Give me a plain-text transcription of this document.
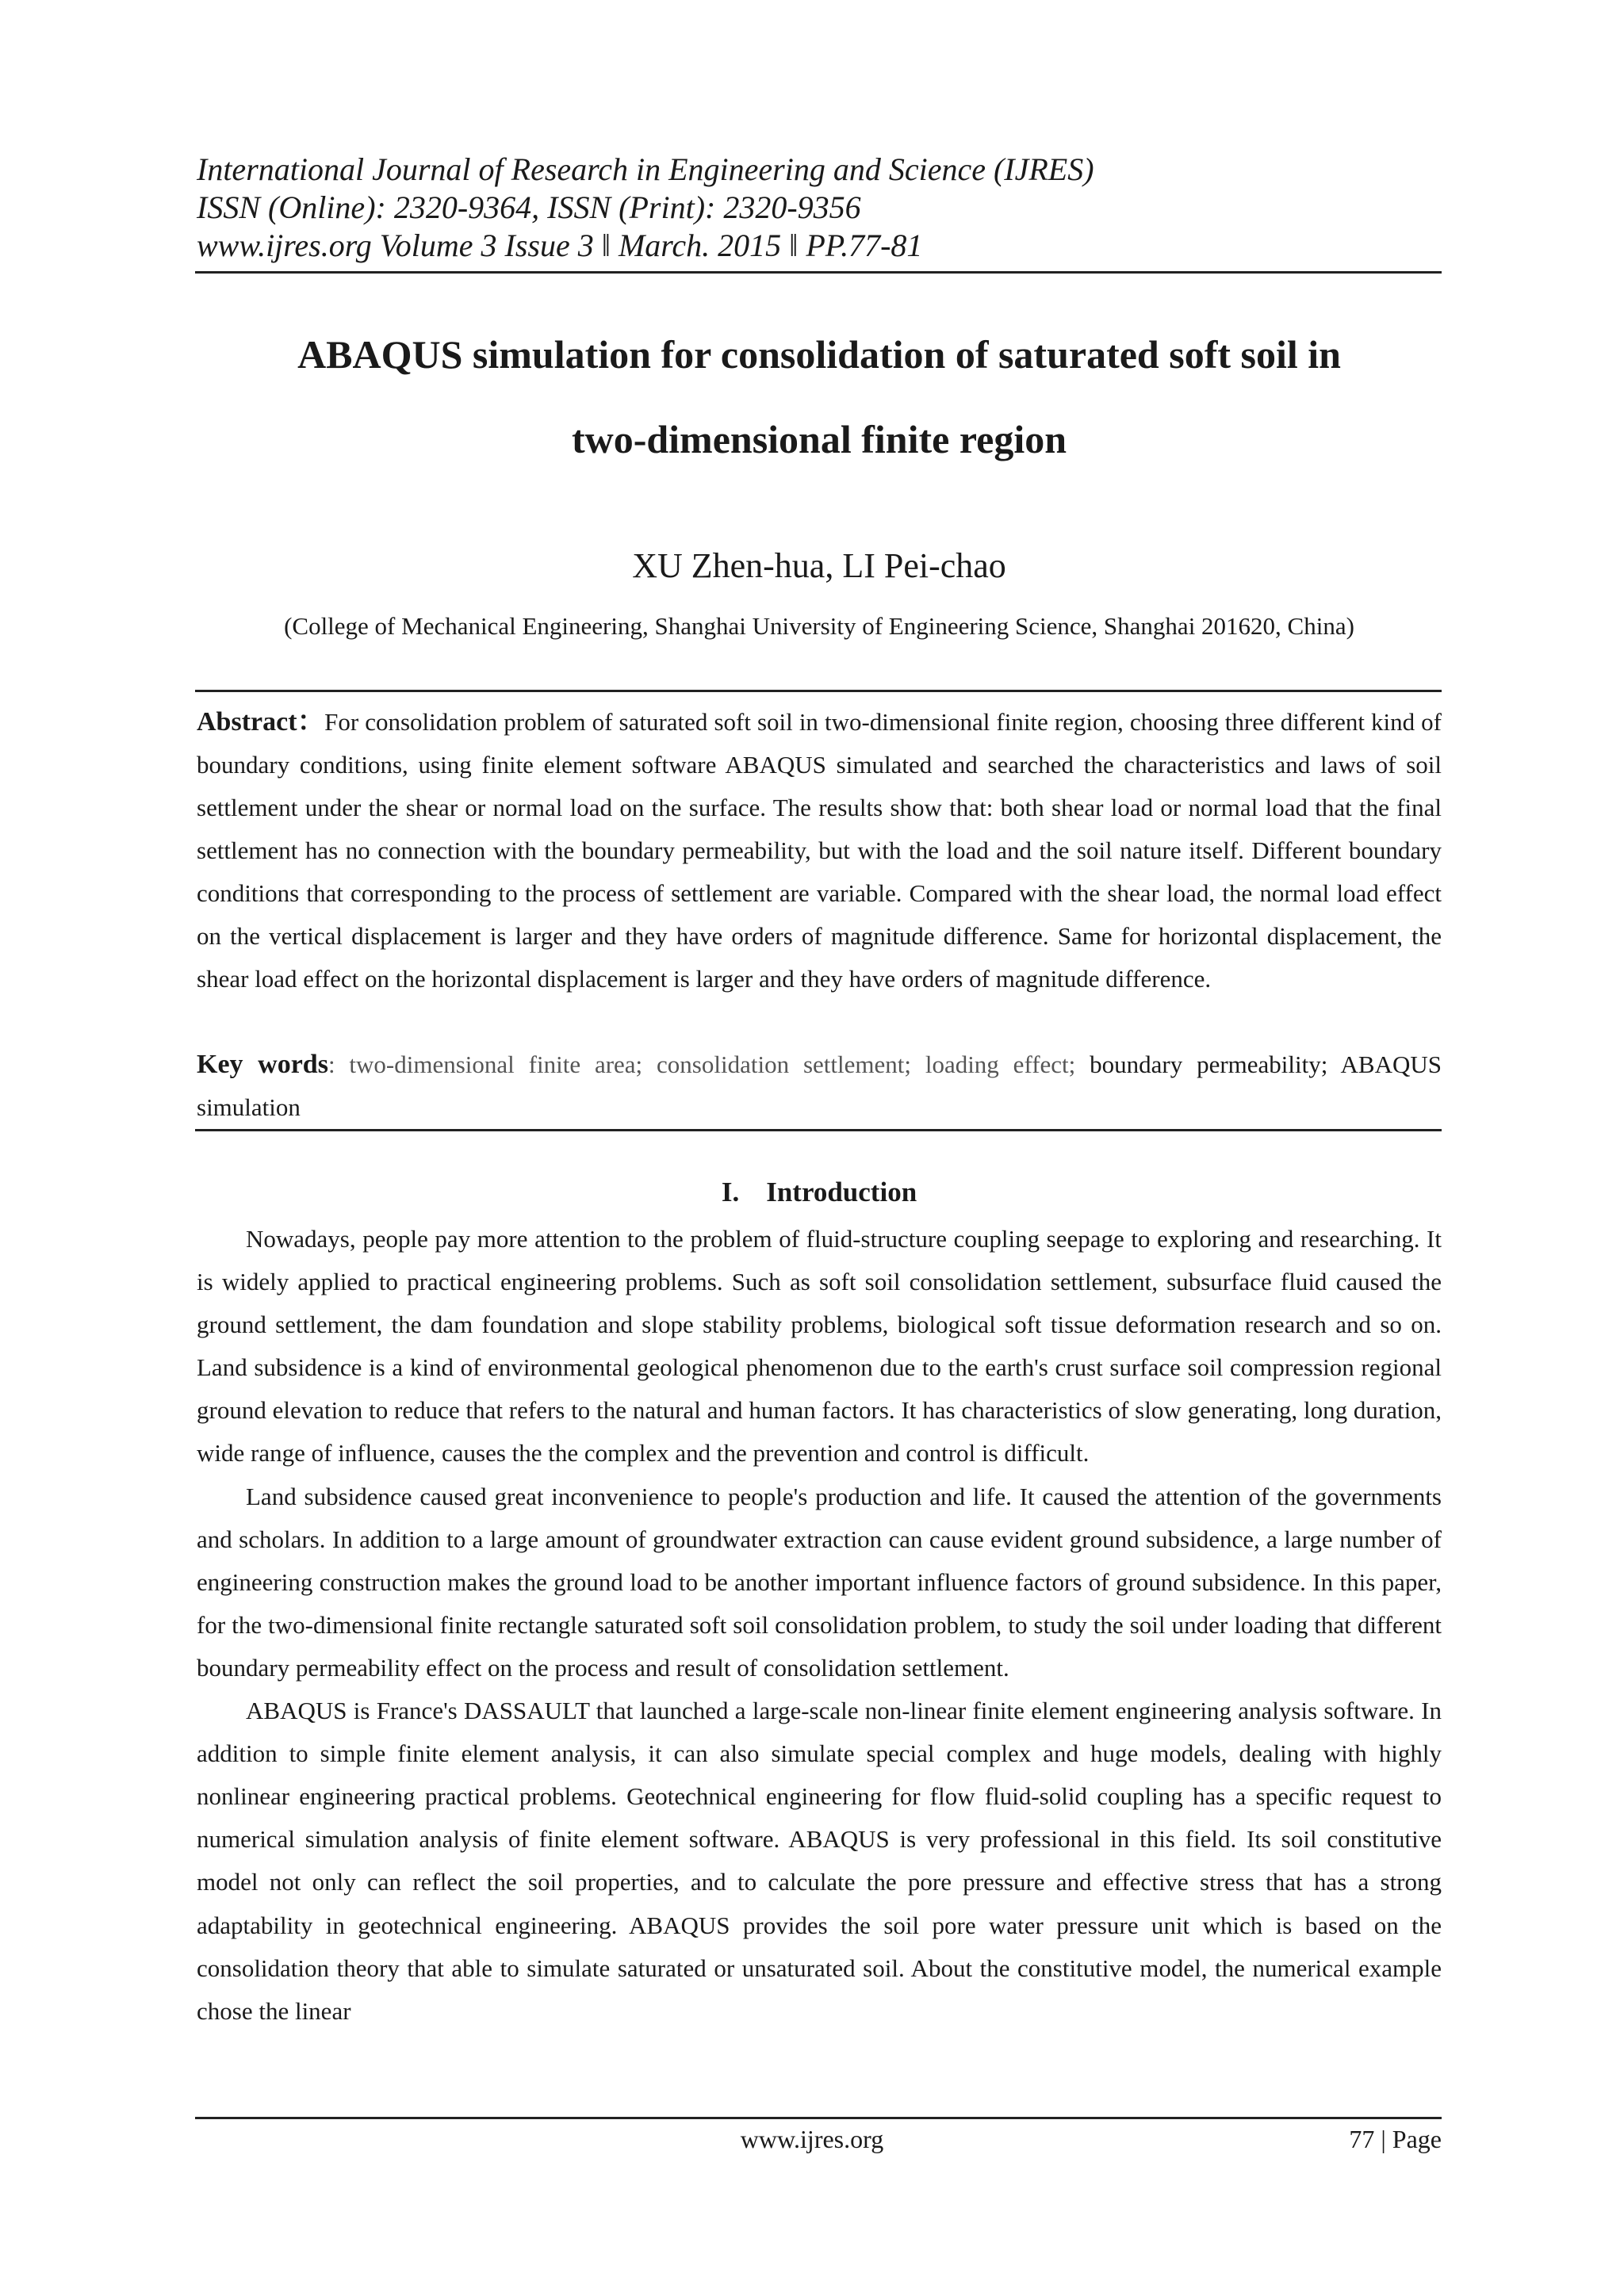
International Journal of Research in Engineering and Science (IJRES)

ISSN (Online): 2320-9364, ISSN (Print): 2320-9356

www.ijres.org Volume 3 Issue 3 ǁ March. 2015 ǁ PP.77-81

ABAQUS simulation for consolidation of saturated soft soil in

two-dimensional finite region

XU Zhen-hua, LI Pei-chao

(College of Mechanical Engineering, Shanghai University of Engineering Science, Shanghai 201620, China)

Abstract：For consolidation problem of saturated soft soil in two-dimensional finite region, choosing three different kind of boundary conditions, using finite element software ABAQUS simulated and searched the characteristics and laws of soil settlement under the shear or normal load on the surface. The results show that: both shear load or normal load that the final settlement has no connection with the boundary permeability, but with the load and the soil nature itself. Different boundary conditions that corresponding to the process of settlement are variable. Compared with the shear load, the normal load effect on the vertical displacement is larger and they have orders of magnitude difference. Same for horizontal displacement, the shear load effect on the horizontal displacement is larger and they have orders of magnitude difference.

Key words: two-dimensional finite area; consolidation settlement; loading effect; boundary permeability; ABAQUS simulation

I. Introduction

Nowadays, people pay more attention to the problem of fluid-structure coupling seepage to exploring and researching. It is widely applied to practical engineering problems. Such as soft soil consolidation settlement, subsurface fluid caused the ground settlement, the dam foundation and slope stability problems, biological soft tissue deformation research and so on. Land subsidence is a kind of environmental geological phenomenon due to the earth's crust surface soil compression regional ground elevation to reduce that refers to the natural and human factors. It has characteristics of slow generating, long duration, wide range of influence, causes the the complex and the prevention and control is difficult.

Land subsidence caused great inconvenience to people's production and life. It caused the attention of the governments and scholars. In addition to a large amount of groundwater extraction can cause evident ground subsidence, a large number of engineering construction makes the ground load to be another important influence factors of ground subsidence. In this paper, for the two-dimensional finite rectangle saturated soft soil consolidation problem, to study the soil under loading that different boundary permeability effect on the process and result of consolidation settlement.

ABAQUS is France's DASSAULT that launched a large-scale non-linear finite element engineering analysis software. In addition to simple finite element analysis, it can also simulate special complex and huge models, dealing with highly nonlinear engineering practical problems. Geotechnical engineering for flow fluid-solid coupling has a specific request to numerical simulation analysis of finite element software. ABAQUS is very professional in this field. Its soil constitutive model not only can reflect the soil properties, and to calculate the pore pressure and effective stress that has a strong adaptability in geotechnical engineering. ABAQUS provides the soil pore water pressure unit which is based on the consolidation theory that able to simulate saturated or unsaturated soil. About the constitutive model, the numerical example chose the linear

www.ijres.org	77 | Page
